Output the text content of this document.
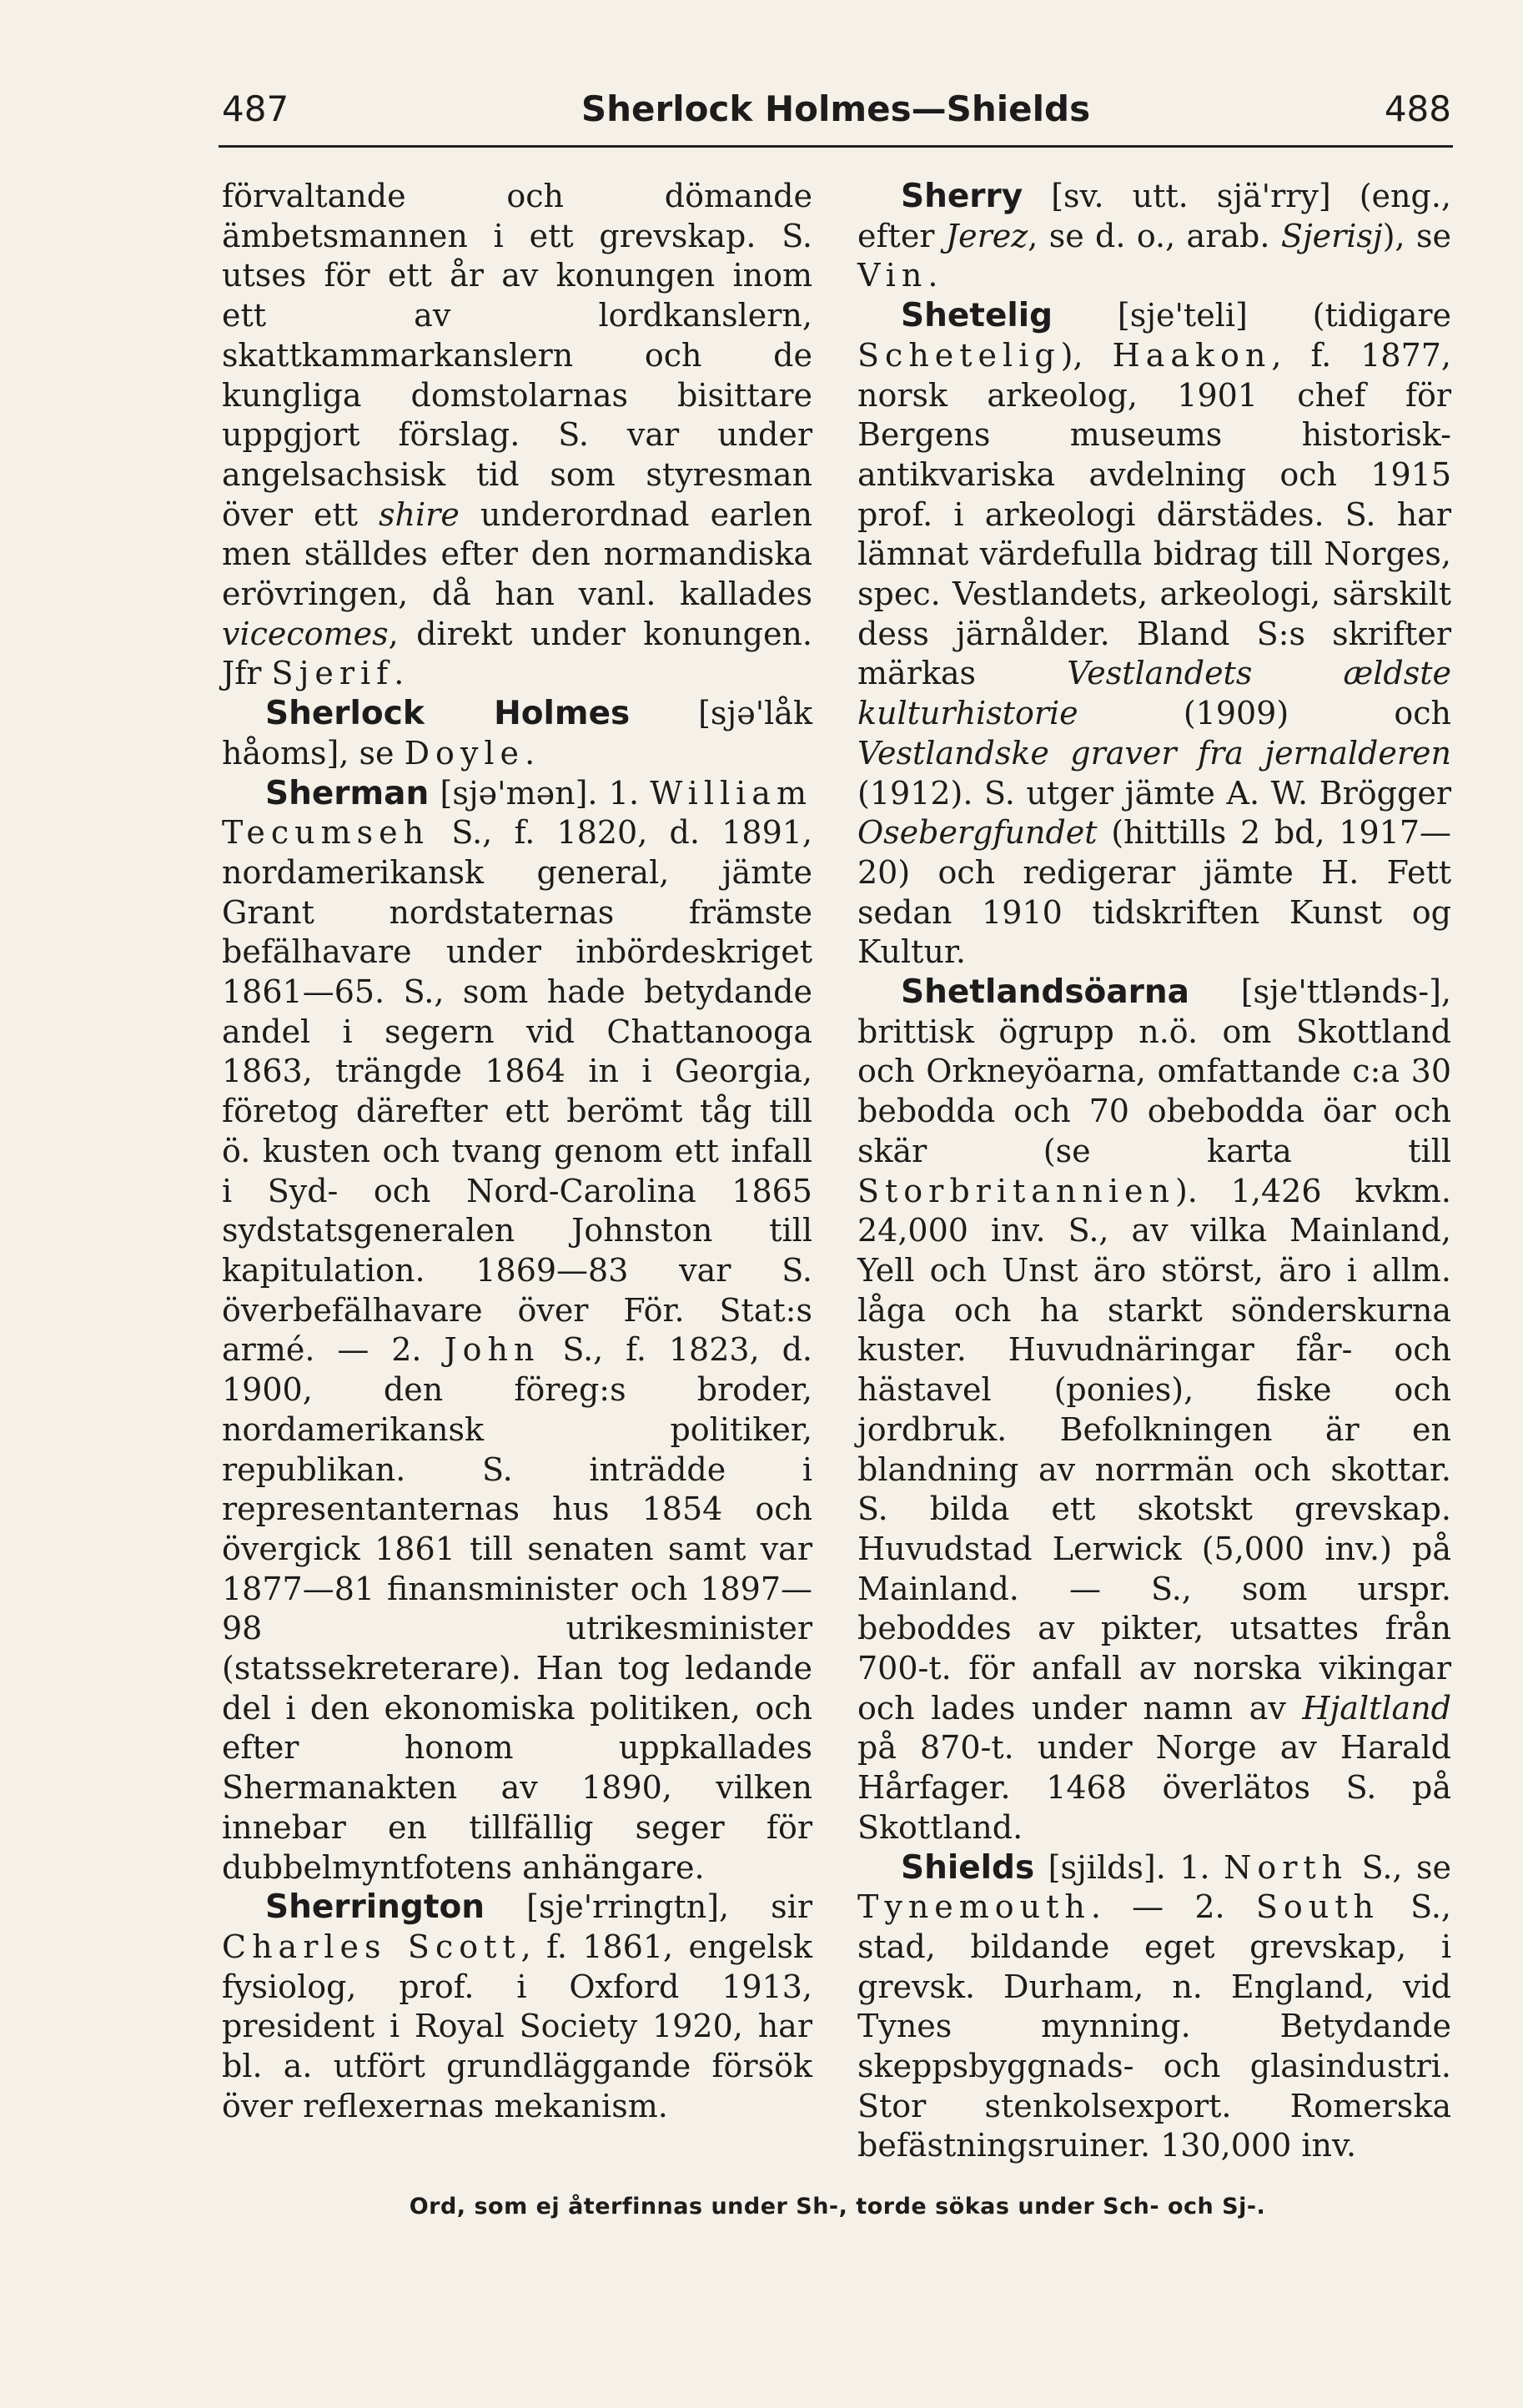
487	Sherlock Holmes—Shields	488

förvaltande och dömande ämbetsmannen i ett grevskap. S. utses för ett år av konungen inom ett av lordkanslern, skattkammarkanslern och de kungliga domstolarnas bisittare uppgjort förslag. S. var under angelsachsisk tid som styresman över ett shire underordnad earlen men ställdes efter den normandiska erövringen, då han vanl. kallades vicecomes, direkt under konungen. Jfr Sjerif.

Sherlock Holmes [sjə'låk håoms], se Doyle.

Sherman [sjə'mən]. 1. William Tecumseh S., f. 1820, d. 1891, nordamerikansk general, jämte Grant nordstaternas främste befälhavare under inbördeskriget 1861—65. S., som hade betydande andel i segern vid Chattanooga 1863, trängde 1864 in i Georgia, företog därefter ett berömt tåg till ö. kusten och tvang genom ett infall i Syd- och Nord-Carolina 1865 sydstatsgeneralen Johnston till kapitulation. 1869—83 var S. överbefälhavare över För. Stat:s armé. — 2. John S., f. 1823, d. 1900, den föreg:s broder, nordamerikansk politiker, republikan. S. inträdde i representanternas hus 1854 och övergick 1861 till senaten samt var 1877—81 finansminister och 1897—98 utrikesminister (statssekreterare). Han tog ledande del i den ekonomiska politiken, och efter honom uppkallades Shermanakten av 1890, vilken innebar en tillfällig seger för dubbelmyntfotens anhängare.

Sherrington [sje'rringtn], sir Charles Scott, f. 1861, engelsk fysiolog, prof. i Oxford 1913, president i Royal Society 1920, har bl. a. utfört grundläggande försök över reflexernas mekanism.

Sherry [sv. utt. sjä'rry] (eng., efter Jerez, se d. o., arab. Sjerisj), se Vin.

Shetelig [sje'teli] (tidigare Schetelig), Haakon, f. 1877, norsk arkeolog, 1901 chef för Bergens museums historisk-antikvariska avdelning och 1915 prof. i arkeologi därstädes. S. har lämnat värdefulla bidrag till Norges, spec. Vestlandets, arkeologi, särskilt dess järnålder. Bland S:s skrifter märkas Vestlandets ældste kulturhistorie (1909) och Vestlandske graver fra jernalderen (1912). S. utger jämte A. W. Brögger Osebergfundet (hittills 2 bd, 1917—20) och redigerar jämte H. Fett sedan 1910 tidskriften Kunst og Kultur.

Shetlandsöarna [sje'ttlənds-], brittisk ögrupp n.ö. om Skottland och Orkneyöarna, omfattande c:a 30 bebodda och 70 obebodda öar och skär (se karta till Storbritannien). 1,426 kvkm. 24,000 inv. S., av vilka Mainland, Yell och Unst äro störst, äro i allm. låga och ha starkt sönderskurna kuster. Huvudnäringar får- och hästavel (ponies), fiske och jordbruk. Befolkningen är en blandning av norrmän och skottar. S. bilda ett skotskt grevskap. Huvudstad Lerwick (5,000 inv.) på Mainland. — S., som urspr. beboddes av pikter, utsattes från 700-t. för anfall av norska vikingar och lades under namn av Hjaltland på 870-t. under Norge av Harald Hårfager. 1468 överlätos S. på Skottland.

Shields [sjilds]. 1. North S., se Tynemouth. — 2. South S., stad, bildande eget grevskap, i grevsk. Durham, n. England, vid Tynes mynning. Betydande skeppsbyggnads- och glasindustri. Stor stenkolsexport. Romerska befästningsruiner. 130,000 inv.

Ord, som ej återfinnas under Sh-, torde sökas under Sch- och Sj-.
